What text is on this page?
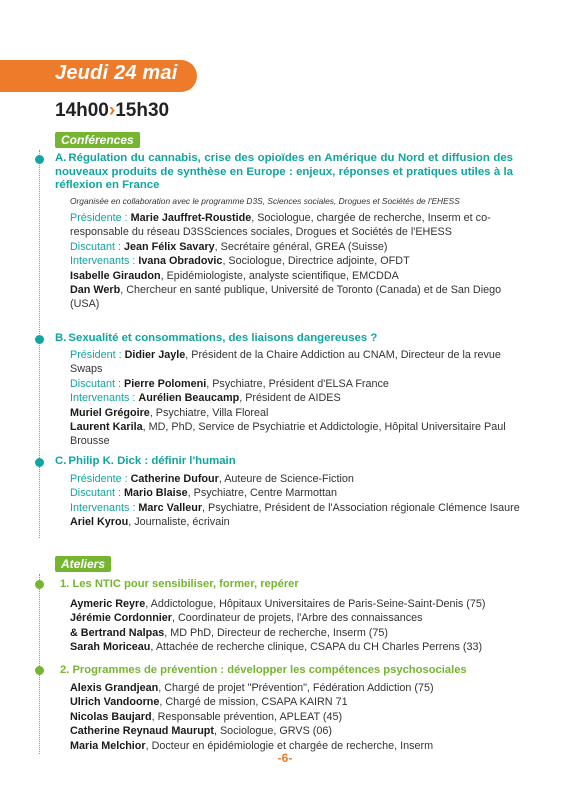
Jeudi 24 mai
14h00›15h30
Conférences
A. Régulation du cannabis, crise des opioïdes en Amérique du Nord et diffusion des nouveaux produits de synthèse en Europe : enjeux, réponses et pratiques utiles à la réflexion en France
Organisée en collaboration avec le programme D3S, Sciences sociales, Drogues et Sociétés de l'EHESS

Présidente : Marie Jauffret-Roustide, Sociologue, chargée de recherche, Inserm et co-responsable du réseau D3SSciences sociales, Drogues et Sociétés de l'EHESS

Discutant : Jean Félix Savary, Secrétaire général, GREA (Suisse)

Intervenants : Ivana Obradovic, Sociologue, Directrice adjointe, OFDT

Isabelle Giraudon, Epidémiologiste, analyste scientifique, EMCDDA

Dan Werb, Chercheur en santé publique, Université de Toronto (Canada) et de San Diego (USA)

B. Sexualité et consommations, des liaisons dangereuses ?

Président : Didier Jayle, Président de la Chaire Addiction au CNAM, Directeur de la revue Swaps

Discutant : Pierre Polomeni, Psychiatre, Président d'ELSA France

Intervenants : Aurélien Beaucamp, Président de AIDES

Muriel Grégoire, Psychiatre, Villa Floreal

Laurent Karila, MD, PhD, Service de Psychiatrie et Addictologie, Hôpital Universitaire Paul Brousse

C. Philip K. Dick : définir l'humain

Présidente : Catherine Dufour, Auteure de Science-Fiction

Discutant : Mario Blaise, Psychiatre, Centre Marmottan

Intervenants : Marc Valleur, Psychiatre, Président de l'Association régionale Clémence Isaure

Ariel Kyrou, Journaliste, écrivain

Ateliers
1. Les NTIC pour sensibiliser, former, repérer

Aymeric Reyre, Addictologue, Hôpitaux Universitaires de Paris-Seine-Saint-Denis (75)

Jérémie Cordonnier, Coordinateur de projets, l'Arbre des connaissances

& Bertrand Nalpas, MD PhD, Directeur de recherche, Inserm (75)

Sarah Moriceau, Attachée de recherche clinique, CSAPA du CH Charles Perrens (33)

2. Programmes de prévention : développer les compétences psychosociales

Alexis Grandjean, Chargé de projet "Prévention", Fédération Addiction (75)

Ulrich Vandoorne, Chargé de mission, CSAPA KAIRN 71

Nicolas Baujard, Responsable prévention, APLEAT (45)

Catherine Reynaud Maurupt, Sociologue, GRVS (06)

Maria Melchior, Docteur en épidémiologie et chargée de recherche, Inserm

-6-
